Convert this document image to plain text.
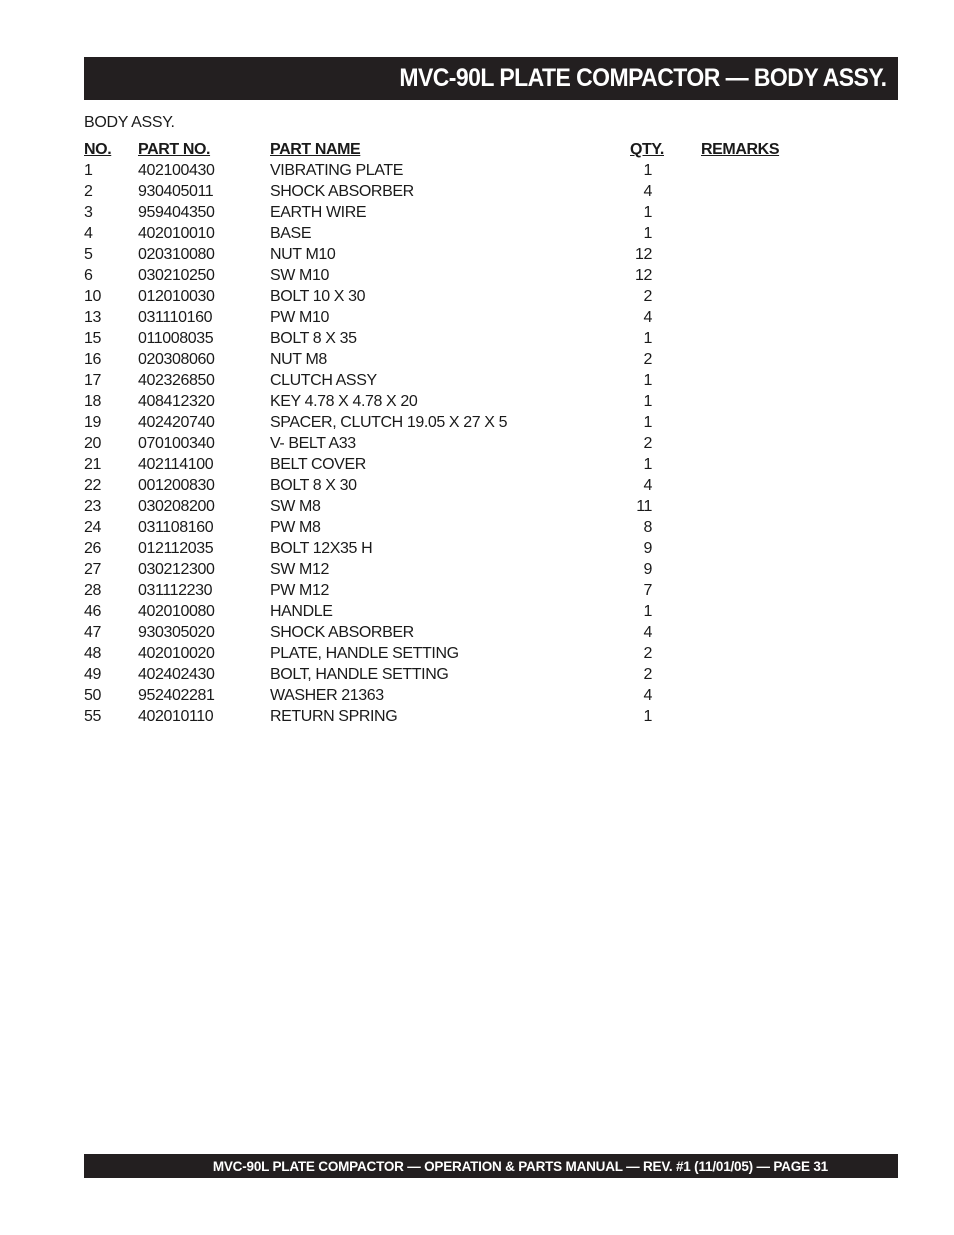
MVC-90L PLATE COMPACTOR — BODY ASSY.
BODY ASSY.
NO. PART NO.	PART NAME	QTY. REMARKS
1	402100430	VIBRATING PLATE	1
2	930405011	SHOCK ABSORBER	4
3	959404350	EARTH WIRE	1
4	402010010	BASE	1
5	020310080	NUT M10	12
6	030210250	SW M10	12
10 012010030	BOLT 10 X 30	2
13 031110160	PW M10	4
15 011008035	BOLT 8 X 35	1
16 020308060	NUT M8	2
17 402326850	CLUTCH ASSY	1
18 408412320	KEY 4.78 X 4.78 X 20	1
19 402420740	SPACER, CLUTCH 19.05 X 27 X 5	1
20 070100340	V- BELT A33	2
21 402114100	BELT COVER	1
22 001200830	BOLT 8 X 30	4
23 030208200	SW M8	11
24 031108160	PW M8	8
26 012112035	BOLT 12X35 H	9
27 030212300	SW M12	9
28 031112230	PW M12	7
46 402010080	HANDLE	1
47 930305020	SHOCK ABSORBER	4
48 402010020	PLATE, HANDLE SETTING	2
49 402402430	BOLT, HANDLE SETTING	2
50 952402281	WASHER 21363	4
55 402010110	RETURN SPRING	1
MVC-90L PLATE COMPACTOR — OPERATION & PARTS MANUAL — REV. #1 (11/01/05) — PAGE 31
